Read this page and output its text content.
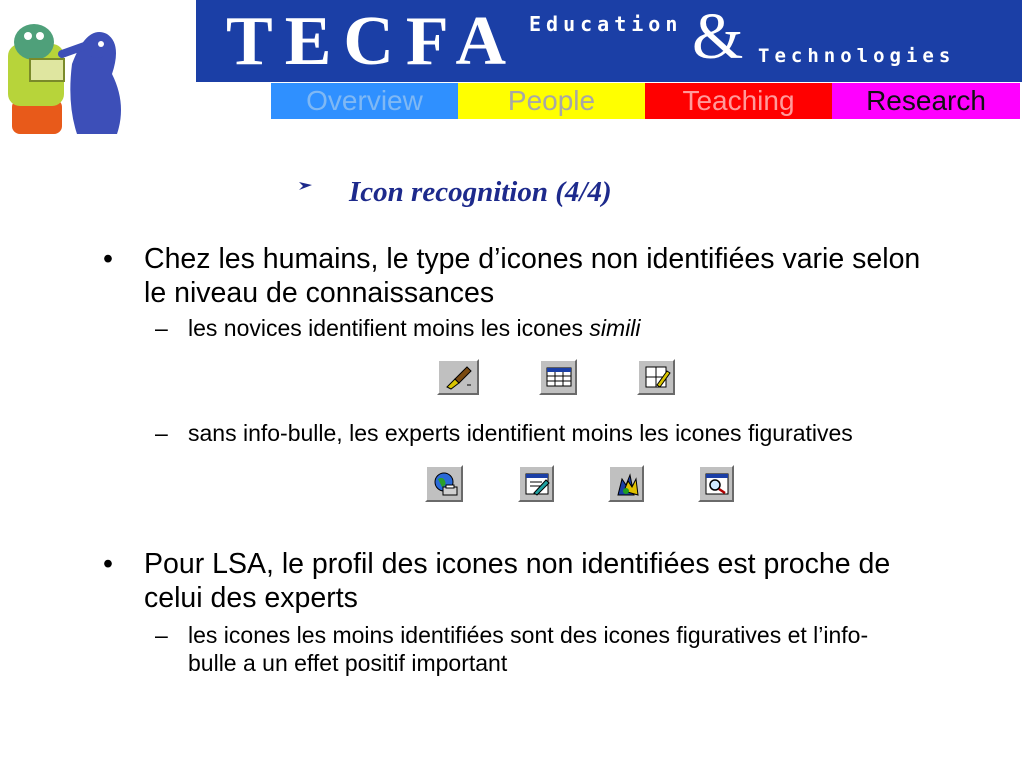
TECFA Education & Technologies
Overview	People	Teaching	Research
Icon recognition (4/4)
• Chez les humains, le type d’icones non identifiées varie selon le niveau de connaissances
– les novices identifient moins les icones simili
– sans info-bulle, les experts identifient moins les icones figuratives
• Pour LSA, le profil des icones non identifiées est proche de celui des experts
– les icones les moins identifiées sont des icones figuratives et l’info-bulle a un effet positif important
